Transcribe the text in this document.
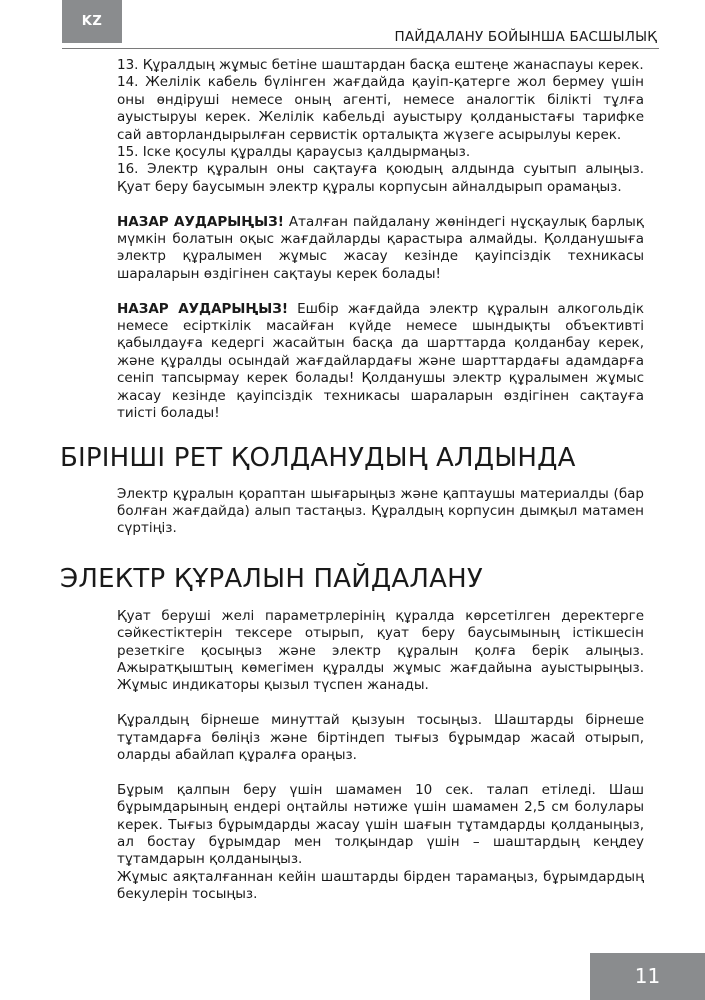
KZ
ПАЙДАЛАНУ БОЙЫНША БАСШЫЛЫҚ

13. Құралдың жұмыс бетіне шаштардан басқа ештеңе жанаспауы керек.

14. Желілік кабель бүлінген жағдайда қауіп-қатерге жол бермеу үшін оны өндіруші немесе оның агенті, немесе аналогтік білікті тұлға ауыстыруы керек. Желілік кабельді ауыстыру қолданыстағы тарифке сай авторландырылған сервистік орталықта жүзеге асырылуы керек.

15. Іске қосулы құралды қараусыз қалдырмаңыз.

16. Электр құралын оны сақтауға қоюдың алдында суытып алыңыз. Қуат беру баусымын электр құралы корпусын айналдырып орамаңыз.

НАЗАР АУДАРЫҢЫЗ! Аталған пайдалану жөніндегі нұсқаулық барлық мүмкін болатын оқыс жағдайларды қарастыра алмайды. Қолданушыға электр құралымен жұмыс жасау кезінде қауіпсіздік техникасы шараларын өздігінен сақтауы керек болады!

НАЗАР АУДАРЫҢЫЗ! Ешбір жағдайда электр құралын алкогольдік немесе есірткілік масайған күйде немесе шындықты объективті қабылдауға кедергі жасайтын басқа да шарттарда қолданбау керек, және құралды осындай жағдайлардағы және шарттардағы адамдарға сеніп тапсырмау керек болады! Қолданушы электр құралымен жұмыс жасау кезінде қауіпсіздік техникасы шараларын өздігінен сақтауға тиісті болады!

БІРІНШІ РЕТ ҚОЛДАНУДЫҢ АЛДЫНДА

Электр құралын қораптан шығарыңыз және қаптаушы материалды (бар болған жағдайда) алып тастаңыз. Құралдың корпусин дымқыл матамен сүртіңіз.

ЭЛЕКТР ҚҰРАЛЫН ПАЙДАЛАНУ

Қуат беруші желі параметрлерінің құралда көрсетілген деректерге сәйкестіктерін тексере отырып, қуат беру баусымының істікшесін резеткіге қосыңыз және электр құралын қолға берік алыңыз. Ажыратқыштың көмегімен құралды жұмыс жағдайына ауыстырыңыз. Жұмыс индикаторы қызыл түспен жанады.

Құралдың бірнеше минуттай қызуын тосыңыз. Шаштарды бірнеше тұтамдарға бөліңіз және біртіндеп тығыз бұрымдар жасай отырып, оларды абайлап құралға ораңыз.

Бұрым қалпын беру үшін шамамен 10 сек. талап етіледі. Шаш бұрымдарының ендері оңтайлы нәтиже үшін шамамен 2,5 см болулары керек. Тығыз бұрымдарды жасау үшін шағын тұтамдарды қолданыңыз, ал бостау бұрымдар мен толқындар үшін – шаштардың кеңдеу тұтамдарын қолданыңыз.

Жұмыс аяқталғаннан кейін шаштарды бірден тарамаңыз, бұрымдардың бекулерін тосыңыз.

11
